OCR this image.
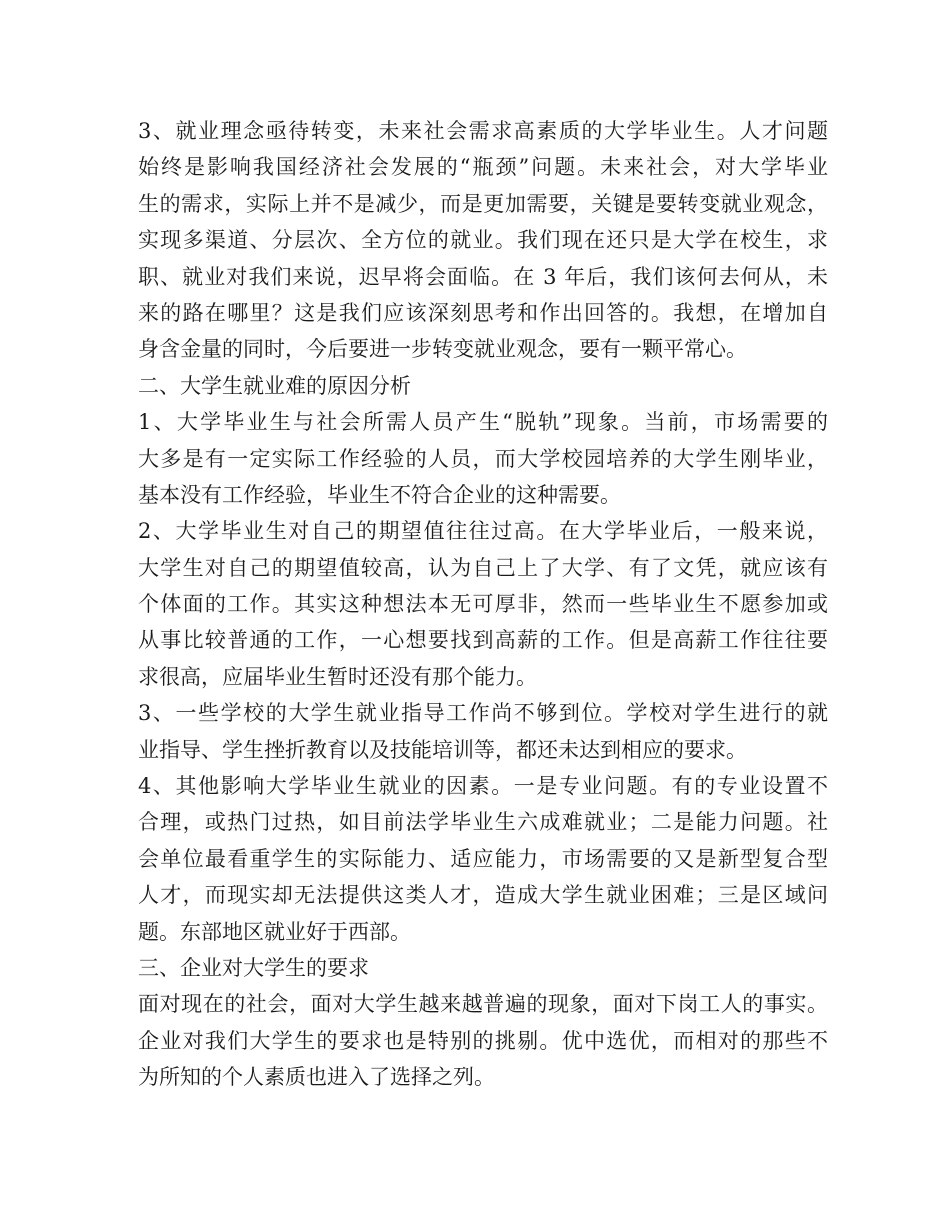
3、就业理念亟待转变，未来社会需求高素质的大学毕业生。人才问题
始终是影响我国经济社会发展的“瓶颈”问题。未来社会，对大学毕业
生的需求，实际上并不是减少，而是更加需要，关键是要转变就业观念，
实现多渠道、分层次、全方位的就业。我们现在还只是大学在校生，求
职、就业对我们来说，迟早将会面临。在 3 年后，我们该何去何从，未
来的路在哪里？这是我们应该深刻思考和作出回答的。我想，在增加自
身含金量的同时，今后要进一步转变就业观念，要有一颗平常心。
二、大学生就业难的原因分析
1、大学毕业生与社会所需人员产生“脱轨”现象。当前，市场需要的
大多是有一定实际工作经验的人员，而大学校园培养的大学生刚毕业，
基本没有工作经验，毕业生不符合企业的这种需要。
2、大学毕业生对自己的期望值往往过高。在大学毕业后，一般来说，
大学生对自己的期望值较高，认为自己上了大学、有了文凭，就应该有
个体面的工作。其实这种想法本无可厚非，然而一些毕业生不愿参加或
从事比较普通的工作，一心想要找到高薪的工作。但是高薪工作往往要
求很高，应届毕业生暂时还没有那个能力。
3、一些学校的大学生就业指导工作尚不够到位。学校对学生进行的就
业指导、学生挫折教育以及技能培训等，都还未达到相应的要求。
4、其他影响大学毕业生就业的因素。一是专业问题。有的专业设置不
合理，或热门过热，如目前法学毕业生六成难就业；二是能力问题。社
会单位最看重学生的实际能力、适应能力，市场需要的又是新型复合型
人才，而现实却无法提供这类人才，造成大学生就业困难；三是区域问
题。东部地区就业好于西部。
三、企业对大学生的要求
面对现在的社会，面对大学生越来越普遍的现象，面对下岗工人的事实。
企业对我们大学生的要求也是特别的挑剔。优中选优，而相对的那些不
为所知的个人素质也进入了选择之列。
